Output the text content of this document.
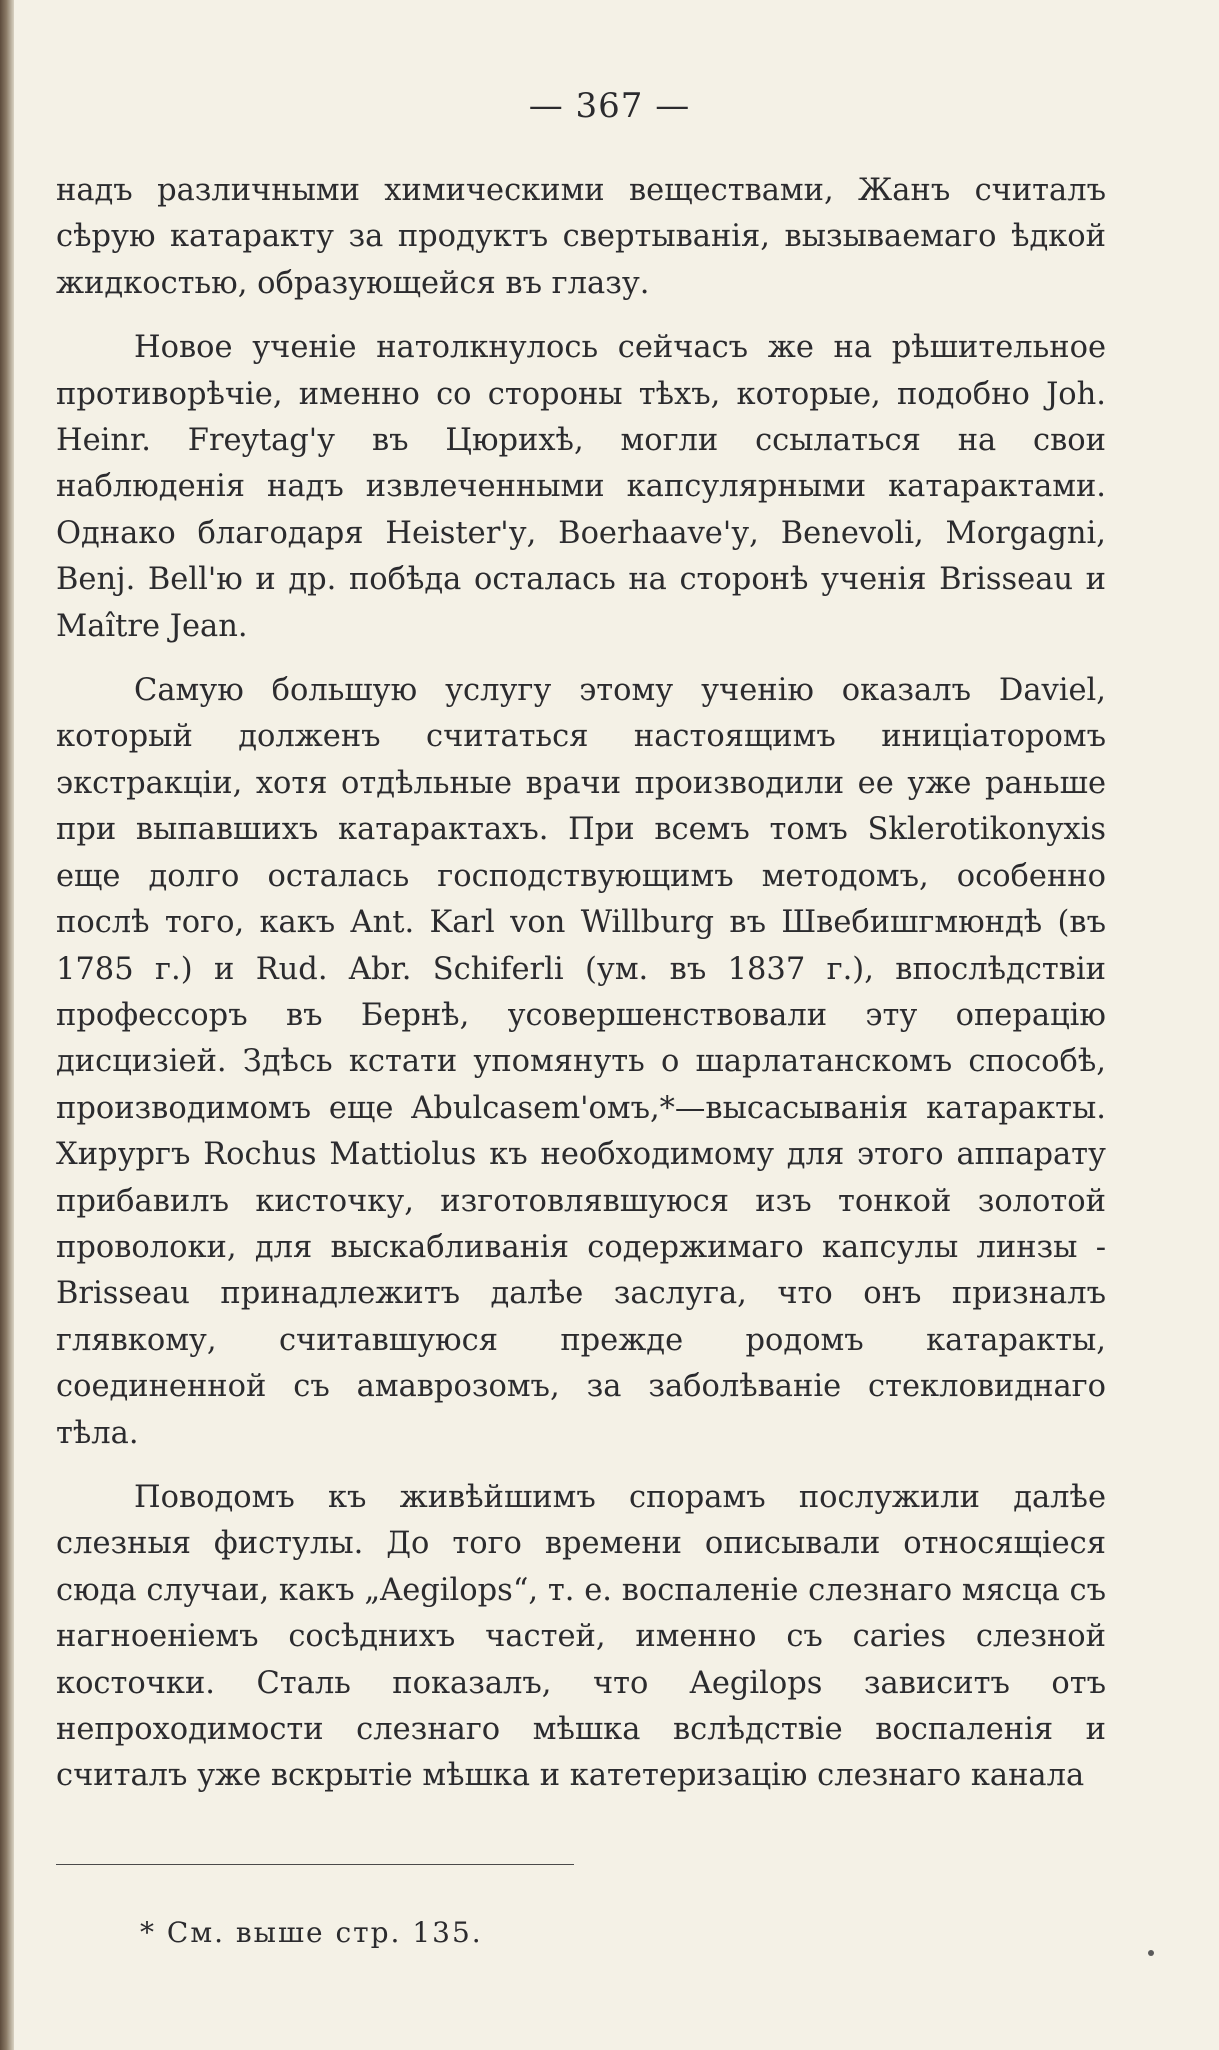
— 367 —

надъ различными химическими веществами, Жанъ считалъ сѣрую катаракту за продуктъ свертыванія, вызываемаго ѣдкой жидкостью, образующейся въ глазу.

Новое ученіе натолкнулось сейчасъ же на рѣшительное противорѣчіе, именно со стороны тѣхъ, которые, подобно Joh. Heinr. Freytag'у въ Цюрихѣ, могли ссылаться на свои наблюденія надъ извлеченными капсулярными катарактами. Однако благодаря Heister'у, Boerhaave'у, Benevoli, Morgagni, Benj. Bell'ю и др. побѣда осталась на сторонѣ ученія Brisseau и Maître Jean.

Самую большую услугу этому ученію оказалъ Daviel, который долженъ считаться настоящимъ иниціаторомъ экстракціи, хотя отдѣльные врачи производили ее уже раньше при выпавшихъ катарактахъ. При всемъ томъ Sklerotikonyxis еще долго осталась господствующимъ методомъ, особенно послѣ того, какъ Ant. Karl von Willburg въ Швебишгмюндѣ (въ 1785 г.) и Rud. Abr. Schiferli (ум. въ 1837 г.), впослѣдствіи профессоръ въ Бернѣ, усовершенствовали эту операцію дисцизіей. Здѣсь кстати упомянуть о шарлатанскомъ способѣ, производимомъ еще Abulcasem'омъ,*—высасыванія катаракты. Хирургъ Rochus Mattiolus къ необходимому для этого аппарату прибавилъ кисточку, изготовлявшуюся изъ тонкой золотой проволоки, для выскабливанія содержимаго капсулы линзы - Brisseau принадлежитъ далѣе заслуга, что онъ призналъ глявкому, считавшуюся прежде родомъ катаракты, соединенной съ амаврозомъ, за заболѣваніе стекловиднаго тѣла.

Поводомъ къ живѣйшимъ спорамъ послужили далѣе слезныя фистулы. До того времени описывали относящіеся сюда случаи, какъ „Aegilops“, т. е. воспаленіе слезнаго мясца съ нагноеніемъ сосѣднихъ частей, именно съ caries слезной косточки. Сталь показалъ, что Aegilops зависитъ отъ непроходимости слезнаго мѣшка вслѣдствіе воспаленія и считалъ уже вскрытіе мѣшка и катетеризацію слезнаго канала

* См. выше стр. 135.
